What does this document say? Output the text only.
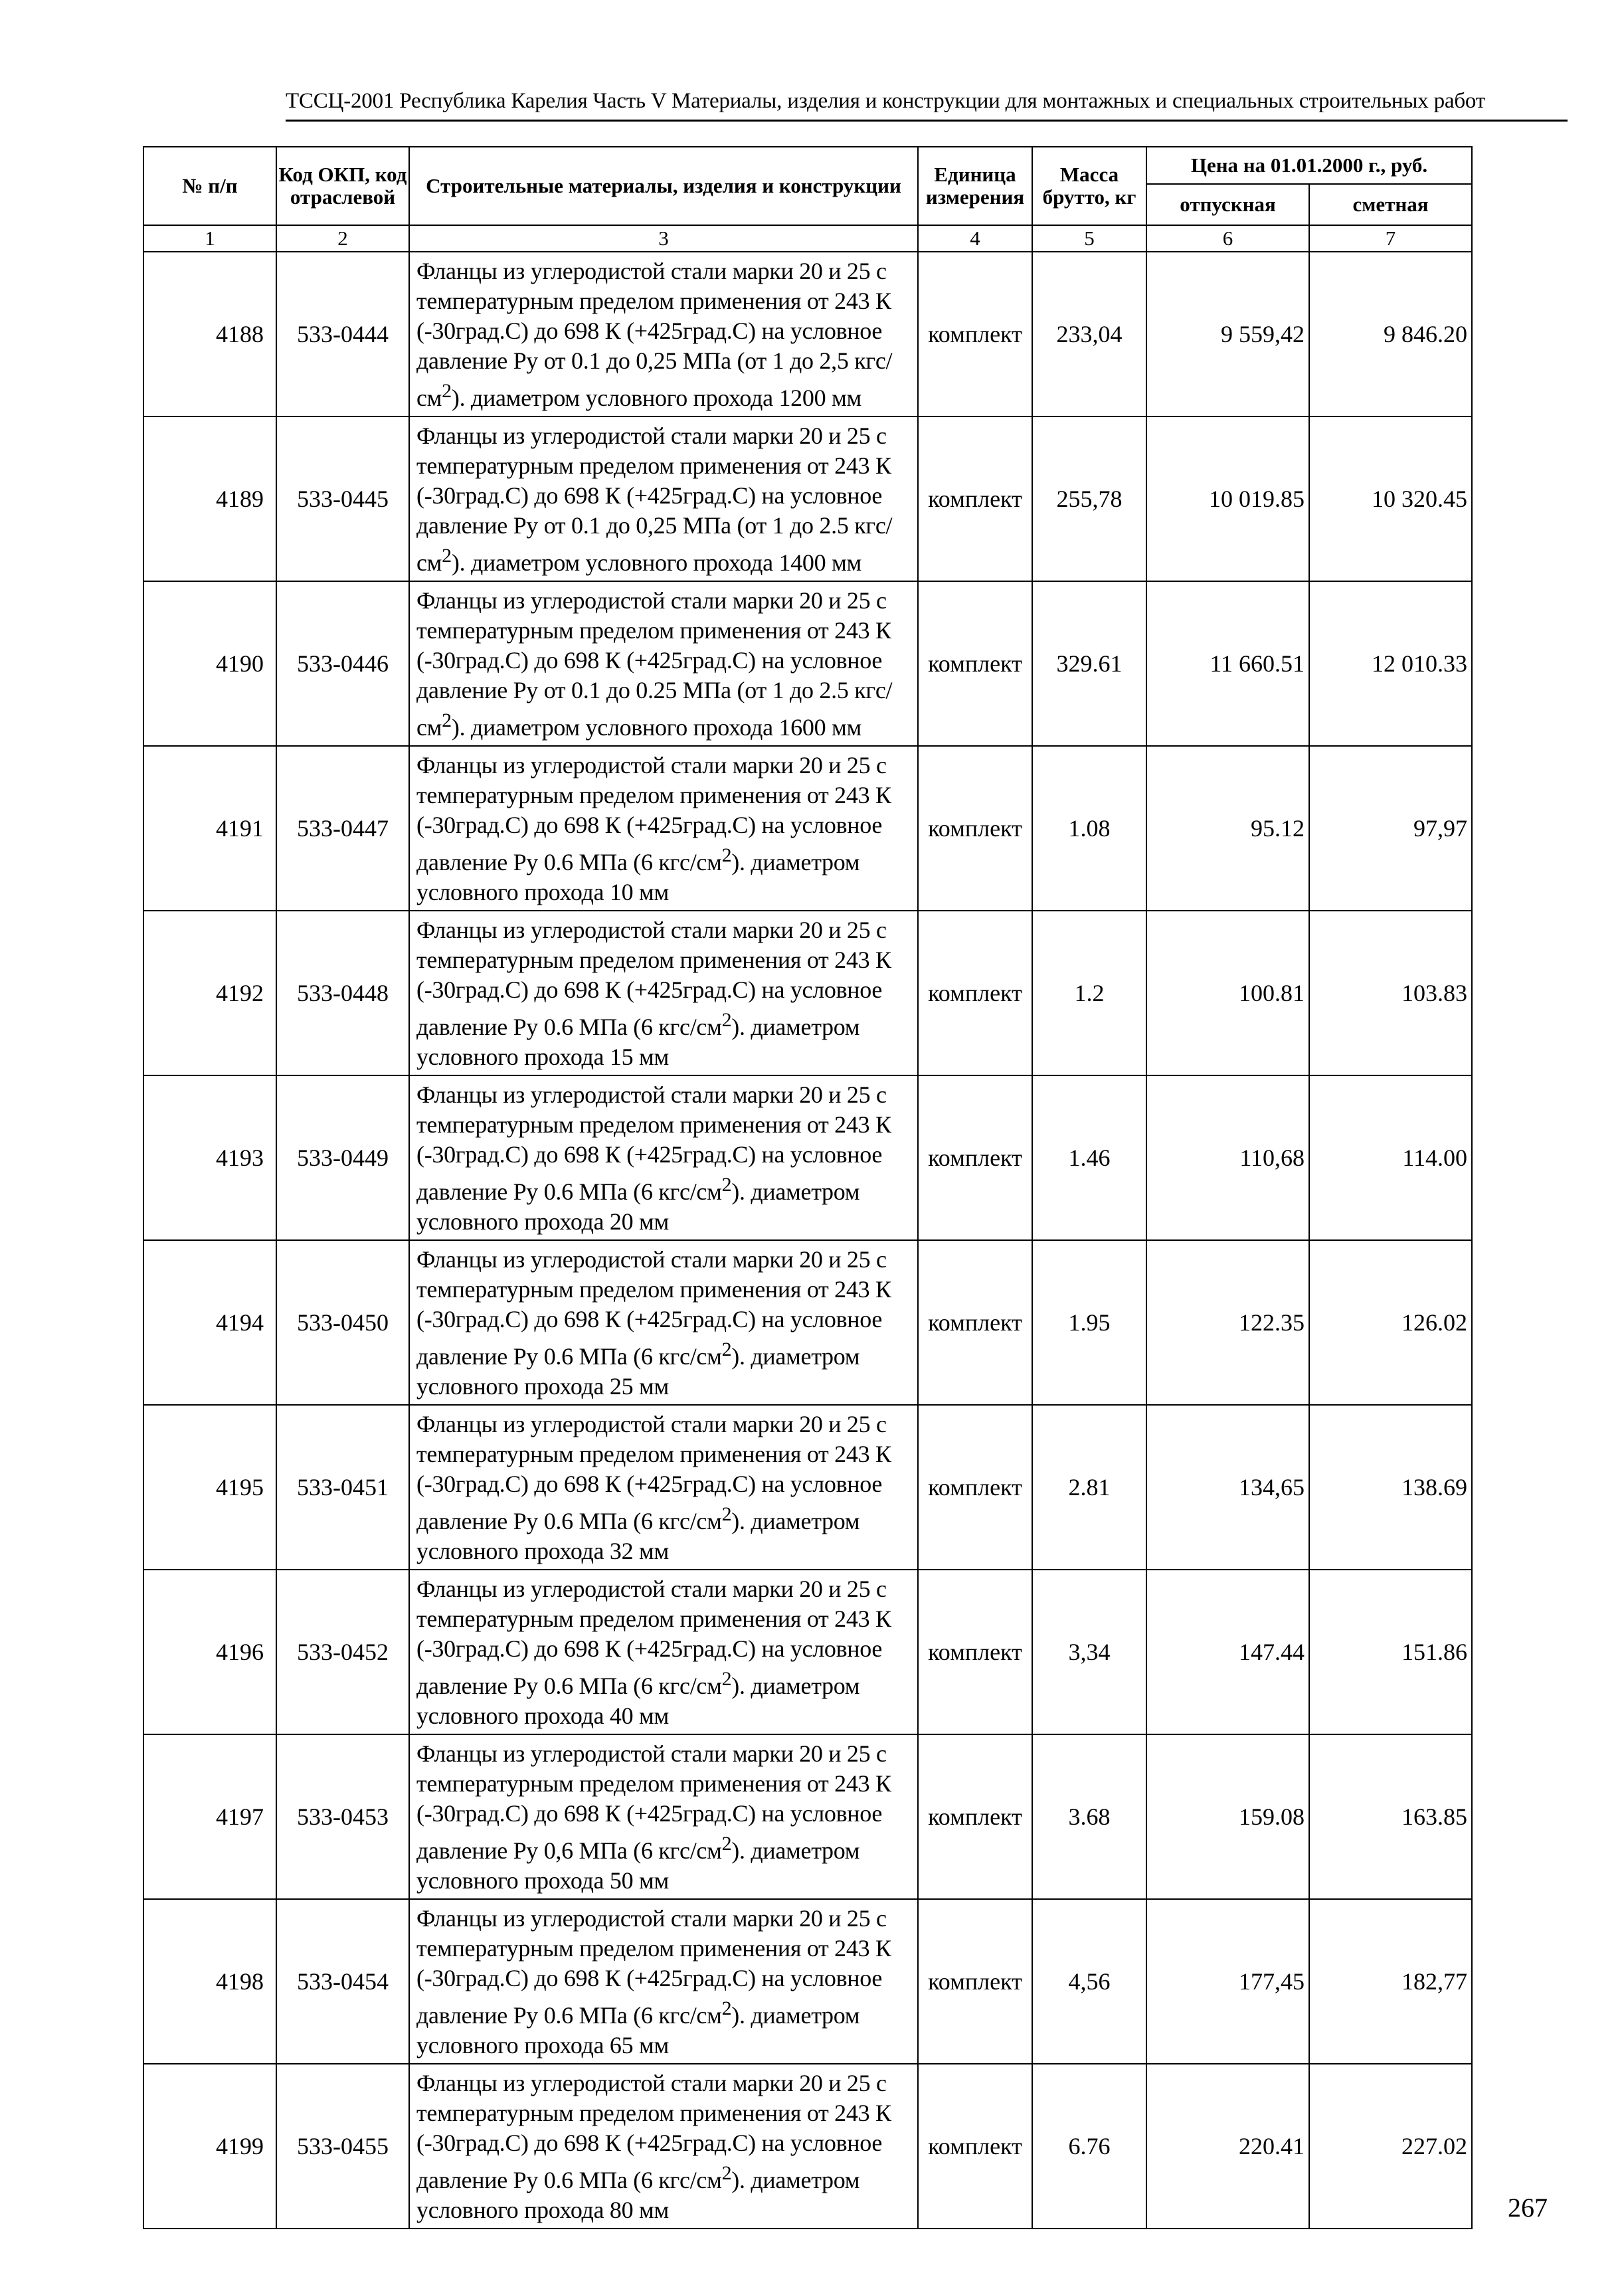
ТССЦ-2001 Республика Карелия Часть V Материалы, изделия и конструкции для монтажных и специальных строительных работ
№ п/п	Код ОКП, код отраслевой	Строительные материалы, изделия и конструкции	Единица измерения	Масса брутто, кг	Цена на 01.01.2000 г., руб.	
					отпускная	сметная
1	2	3	4	5	6	7
4188	533-0444	Фланцы из углеродистой стали марки 20 и 25 с температурным пределом применения от 243 К (-30град.С) до 698 К (+425град.С) на условное давление Ру от 0.1 до 0,25 МПа (от 1 до 2,5 кгс/$см^2$). диаметром условного прохода 1200 мм	комплект	233,04	9 559,42	9 846.20
4189	533-0445	Фланцы из углеродистой стали марки 20 и 25 с температурным пределом применения от 243 К (-30град.С) до 698 К (+425град.С) на условное давление Ру от 0.1 до 0,25 МПа (от 1 до 2.5 кгс/$см^2$). диаметром условного прохода 1400 мм	комплект	255,78	10 019.85	10 320.45
4190	533-0446	Фланцы из углеродистой стали марки 20 и 25 с температурным пределом применения от 243 К (-30град.С) до 698 К (+425град.С) на условное давление Ру от 0.1 до 0.25 МПа (от 1 до 2.5 кгс/$см^2$). диаметром условного прохода 1600 мм	комплект	329.61	11 660.51	12 010.33
4191	533-0447	Фланцы из углеродистой стали марки 20 и 25 с температурным пределом применения от 243 К (-30град.С) до 698 К (+425град.С) на условное давление Ру 0.6 МПа (6 кгс/$см^2$). диаметром условного прохода 10 мм	комплект	1.08	95.12	97,97
4192	533-0448	Фланцы из углеродистой стали марки 20 и 25 с температурным пределом применения от 243 К (-30град.С) до 698 К (+425град.С) на условное давление Ру 0.6 МПа (6 кгс/$см^2$). диаметром условного прохода 15 мм	комплект	1.2	100.81	103.83
4193	533-0449	Фланцы из углеродистой стали марки 20 и 25 с температурным пределом применения от 243 К (-30град.С) до 698 К (+425град.С) на условное давление Ру 0.6 МПа (6 кгс/$см^2$). диаметром условного прохода 20 мм	комплект	1.46	110,68	114.00
4194	533-0450	Фланцы из углеродистой стали марки 20 и 25 с температурным пределом применения от 243 К (-30град.С) до 698 К (+425град.С) на условное давление Ру 0.6 МПа (6 кгс/$см^2$). диаметром условного прохода 25 мм	комплект	1.95	122.35	126.02
4195	533-0451	Фланцы из углеродистой стали марки 20 и 25 с температурным пределом применения от 243 К (-30град.С) до 698 К (+425град.С) на условное давление Ру 0.6 МПа (6 кгс/$см^2$). диаметром условного прохода 32 мм	комплект	2.81	134,65	138.69
4196	533-0452	Фланцы из углеродистой стали марки 20 и 25 с температурным пределом применения от 243 К (-30град.С) до 698 К (+425град.С) на условное давление Ру 0.6 МПа (6 кгс/$см^2$). диаметром условного прохода 40 мм	комплект	3,34	147.44	151.86
4197	533-0453	Фланцы из углеродистой стали марки 20 и 25 с температурным пределом применения от 243 К (-30град.С) до 698 К (+425град.С) на условное давление Ру 0,6 МПа (6 кгс/$см^2$). диаметром условного прохода 50 мм	комплект	3.68	159.08	163.85
4198	533-0454	Фланцы из углеродистой стали марки 20 и 25 с температурным пределом применения от 243 К (-30град.С) до 698 К (+425град.С) на условное давление Ру 0.6 МПа (6 кгс/$см^2$). диаметром условного прохода 65 мм	комплект	4,56	177,45	182,77
4199	533-0455	Фланцы из углеродистой стали марки 20 и 25 с температурным пределом применения от 243 К (-30град.С) до 698 К (+425град.С) на условное давление Ру 0.6 МПа (6 кгс/$см^2$). диаметром условного прохода 80 мм	комплект	6.76	220.41	227.02
267
